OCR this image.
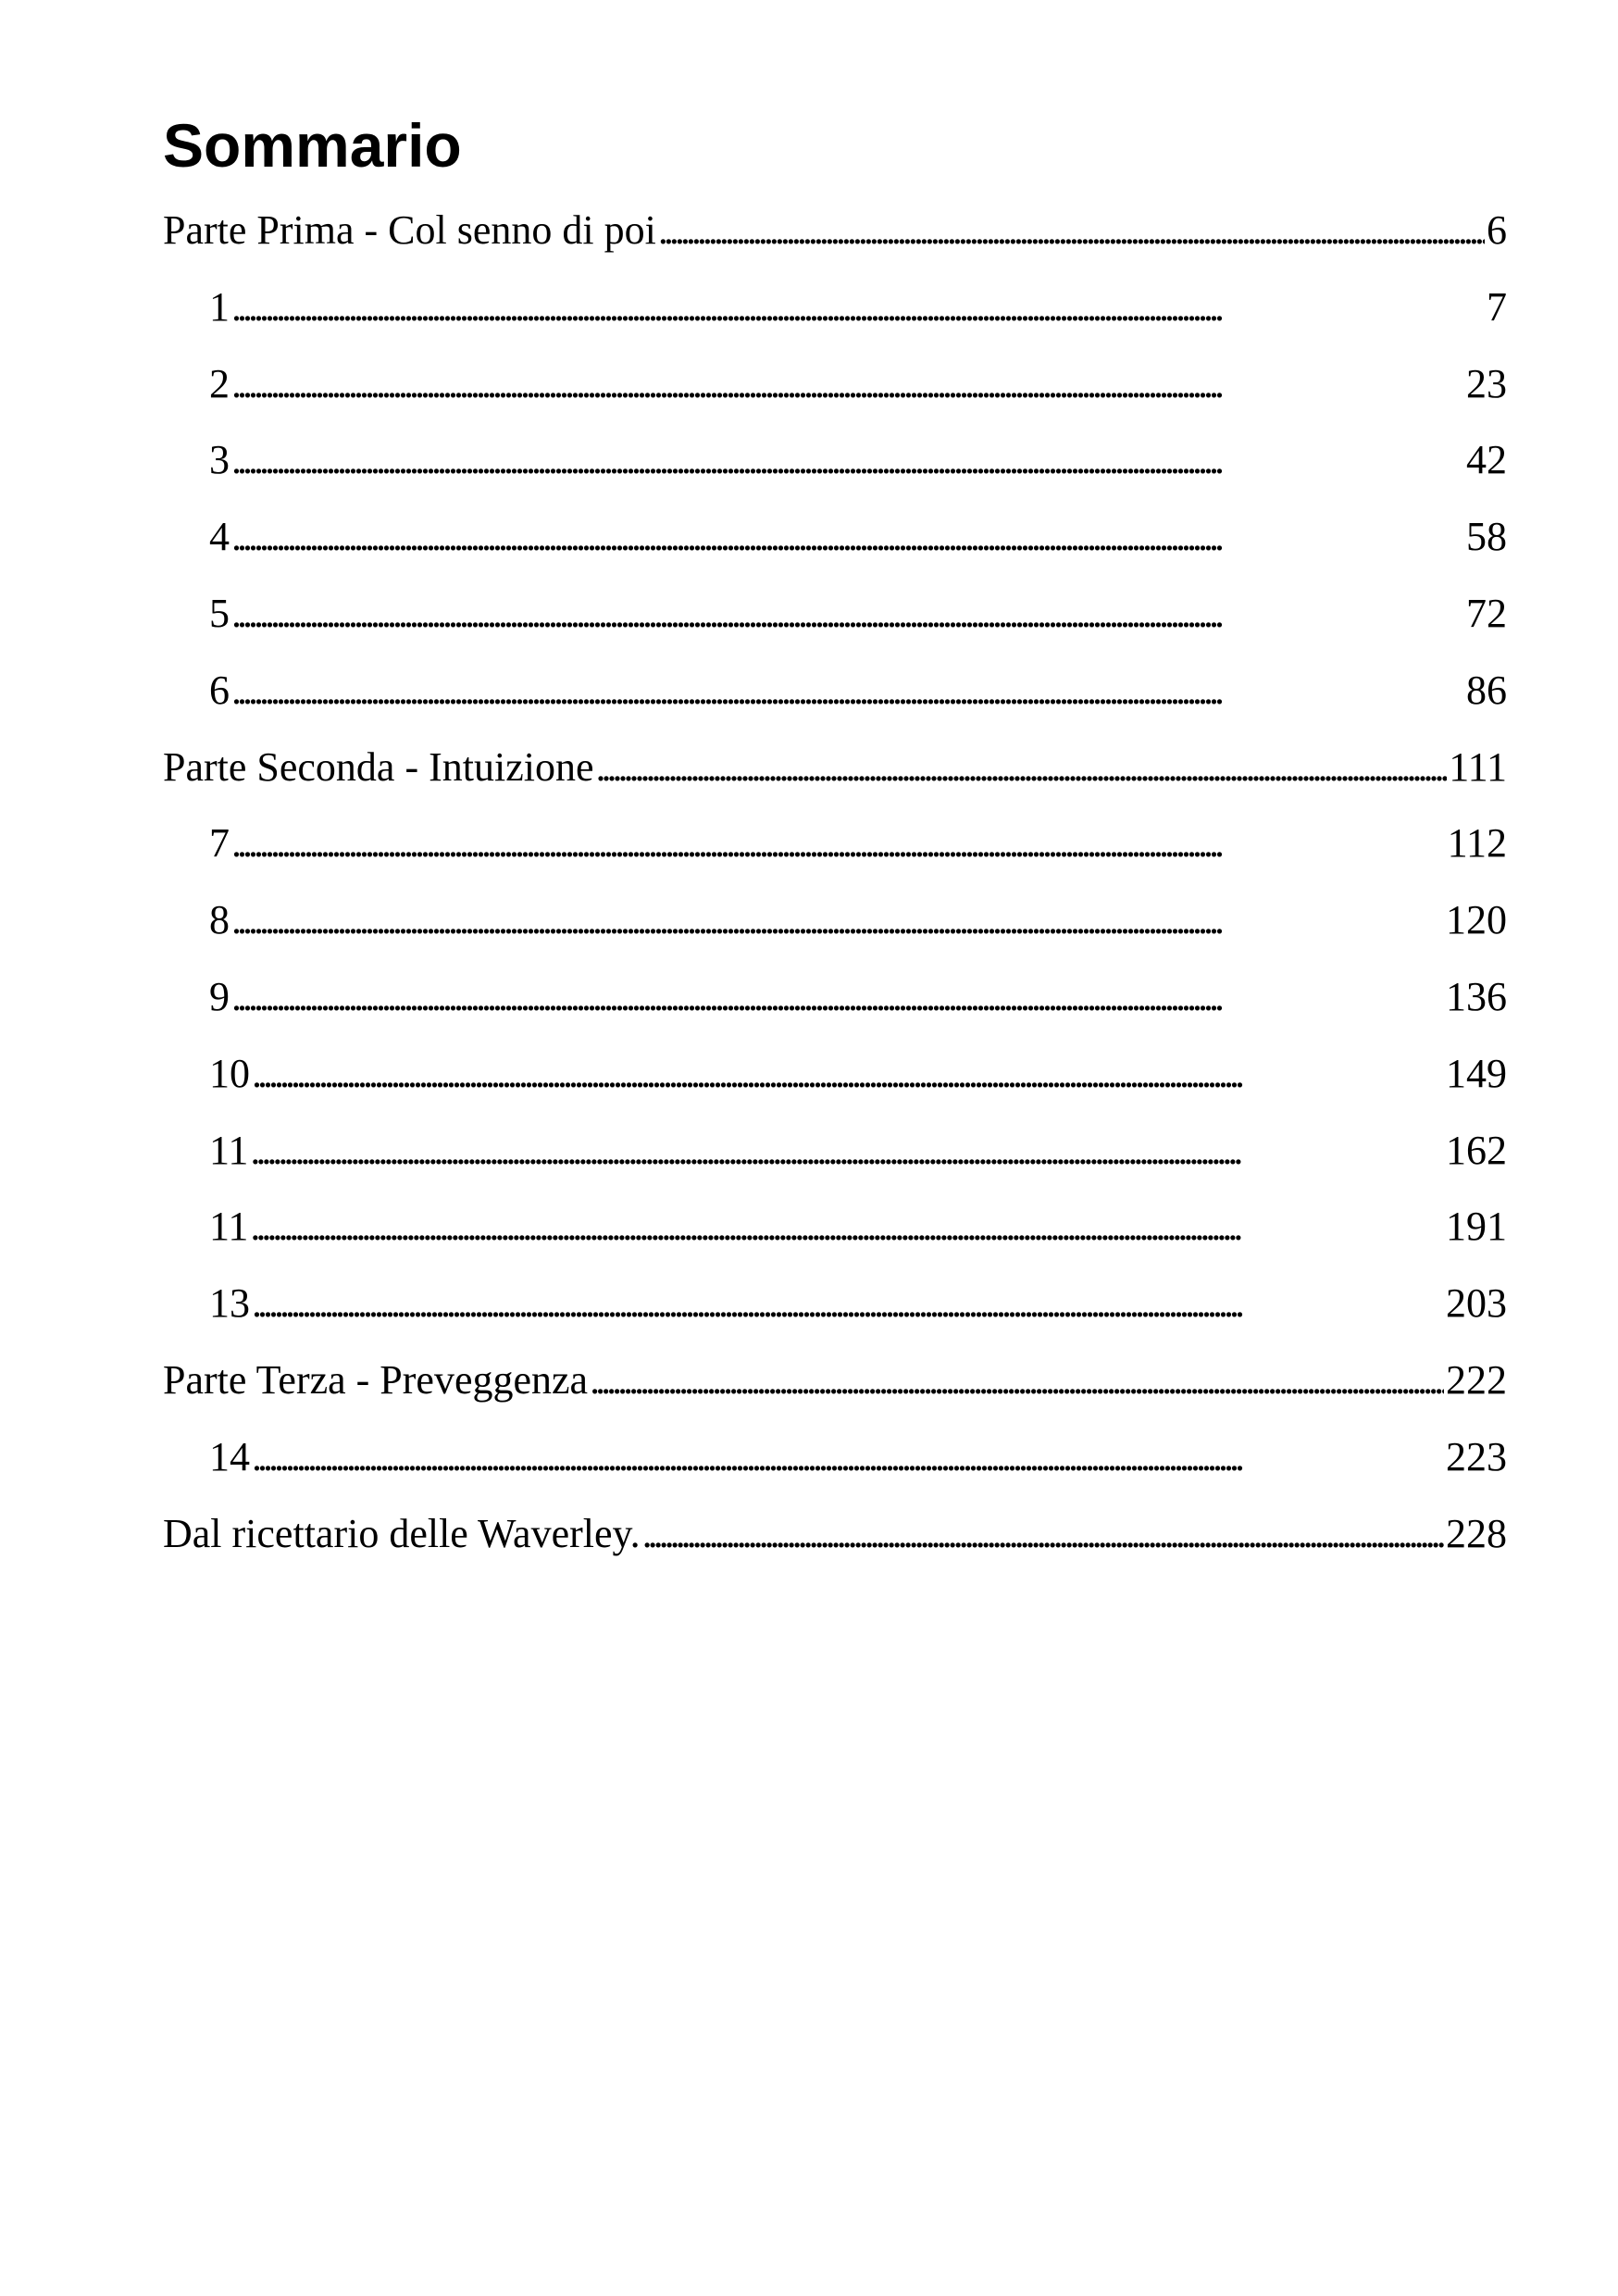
Sommario
Parte Prima - Col senno di poi . . .	6
1 . . .	7
2 . . .	23
3 . . .	42
4 . . .	58
5 . . .	72
6 . . .	86
Parte Seconda - Intuizione . . .	111
7 . . .	112
8 . . .	120
9 . . .	136
10 . . .	149
11 . . .	162
11 . . .	191
13 . . .	203
Parte Terza - Preveggenza . . .	222
14 . . .	223
Dal ricettario delle Waverley. . . .	228
